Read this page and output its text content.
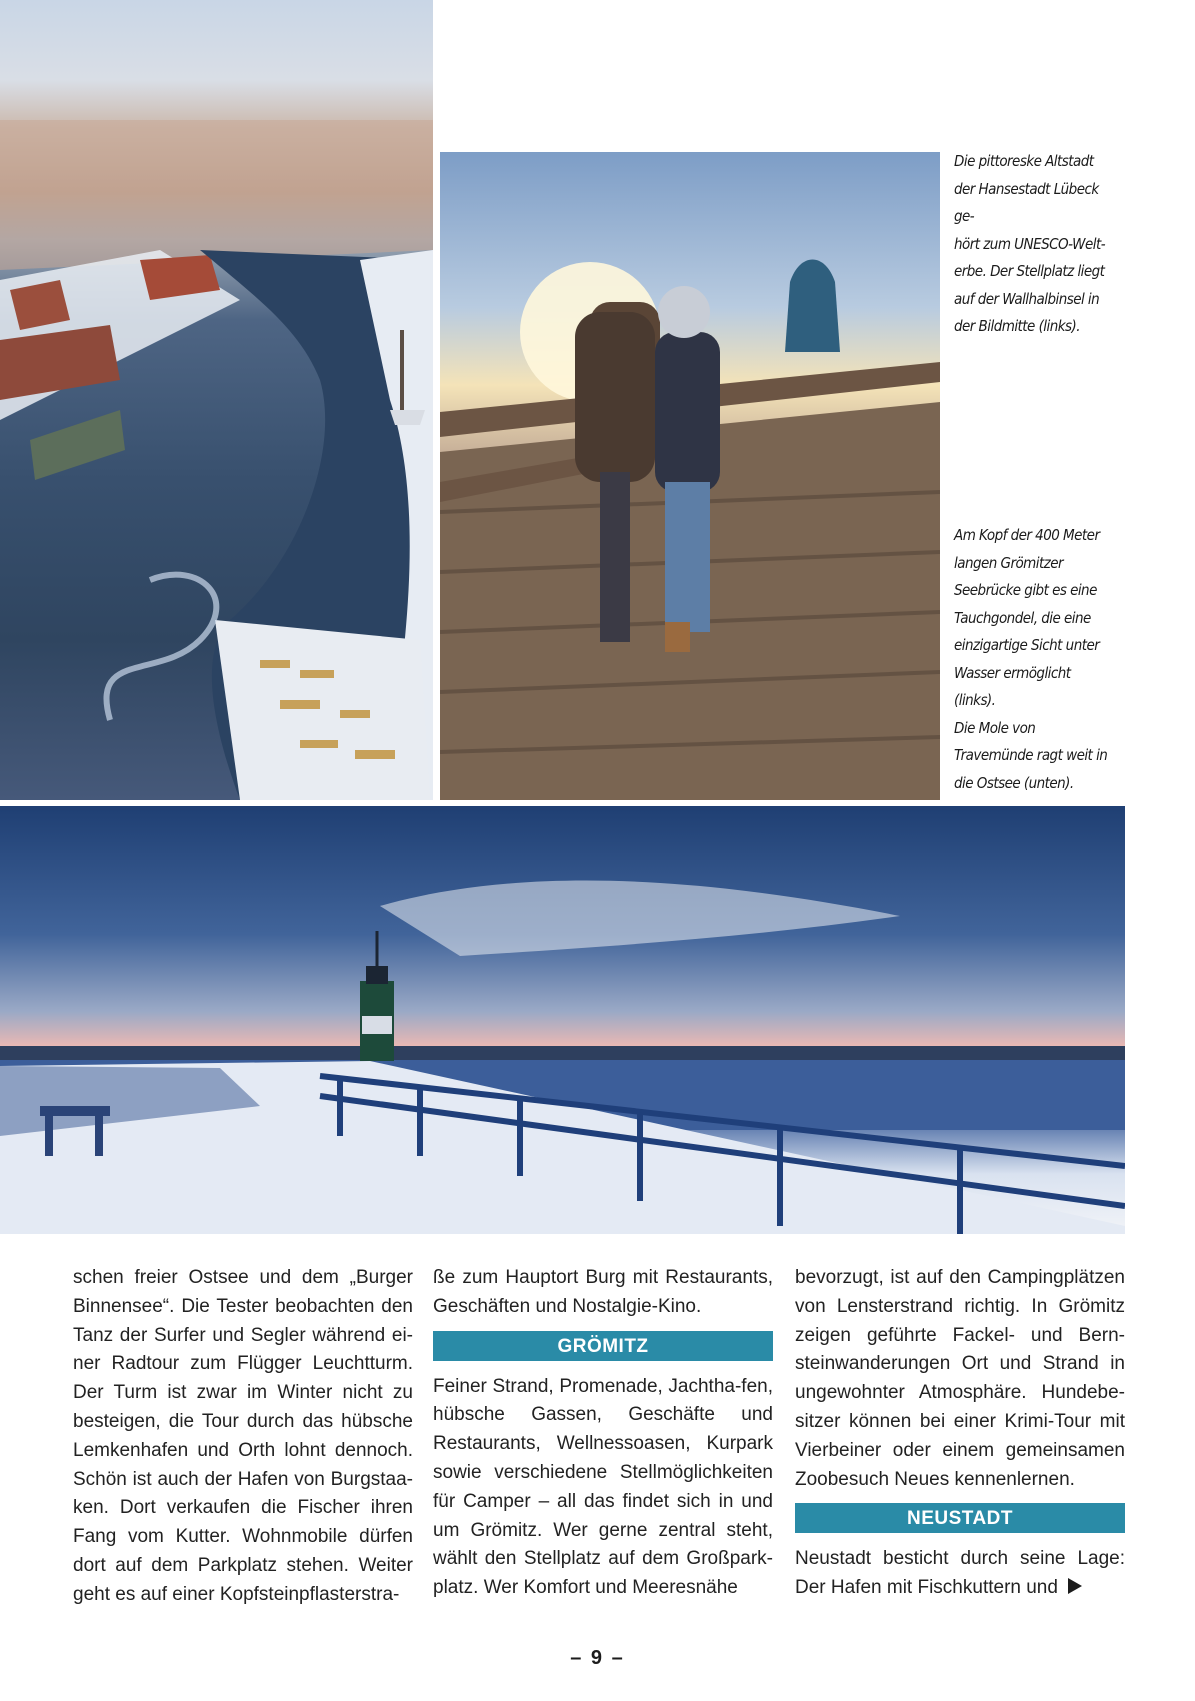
Die pittoreske Altstadt der Hansestadt Lübeck ge-
hört zum UNESCO-Welt-
erbe. Der Stellplatz liegt auf der Wallhalbinsel in der Bildmitte (links).
Am Kopf der 400 Meter langen Grömitzer Seebrücke gibt es eine Tauchgondel, die eine einzigartige Sicht unter Wasser ermöglicht (links).
Die Mole von Travemünde ragt weit in die Ostsee (unten).

schen freier Ostsee und dem „Burger Binnensee“. Die Tester beobachten den Tanz der Surfer und Segler während ei-ner Radtour zum Flügger Leuchtturm. Der Turm ist zwar im Winter nicht zu besteigen, die Tour durch das hübsche Lemkenhafen und Orth lohnt dennoch. Schön ist auch der Hafen von Burgstaa-ken. Dort verkaufen die Fischer ihren Fang vom Kutter. Wohnmobile dürfen dort auf dem Parkplatz stehen. Weiter geht es auf einer Kopfsteinpflasterstra-

ße zum Hauptort Burg mit Restaurants, Geschäften und Nostalgie-Kino.

GRÖMITZ

Feiner Strand, Promenade, Jachtha-fen, hübsche Gassen, Geschäfte und Restaurants, Wellnessoasen, Kurpark sowie verschiedene Stellmöglichkeiten für Camper – all das findet sich in und um Grömitz. Wer gerne zentral steht, wählt den Stellplatz auf dem Großpark-platz. Wer Komfort und Meeresnähe

bevorzugt, ist auf den Campingplätzen von Lensterstrand richtig. In Grömitz zeigen geführte Fackel- und Bern-steinwanderungen Ort und Strand in ungewohnter Atmosphäre. Hundebe-sitzer können bei einer Krimi-Tour mit Vierbeiner oder einem gemeinsamen Zoobesuch Neues kennenlernen.

NEUSTADT

Neustadt besticht durch seine Lage: Der Hafen mit Fischkuttern und

– 9 –
